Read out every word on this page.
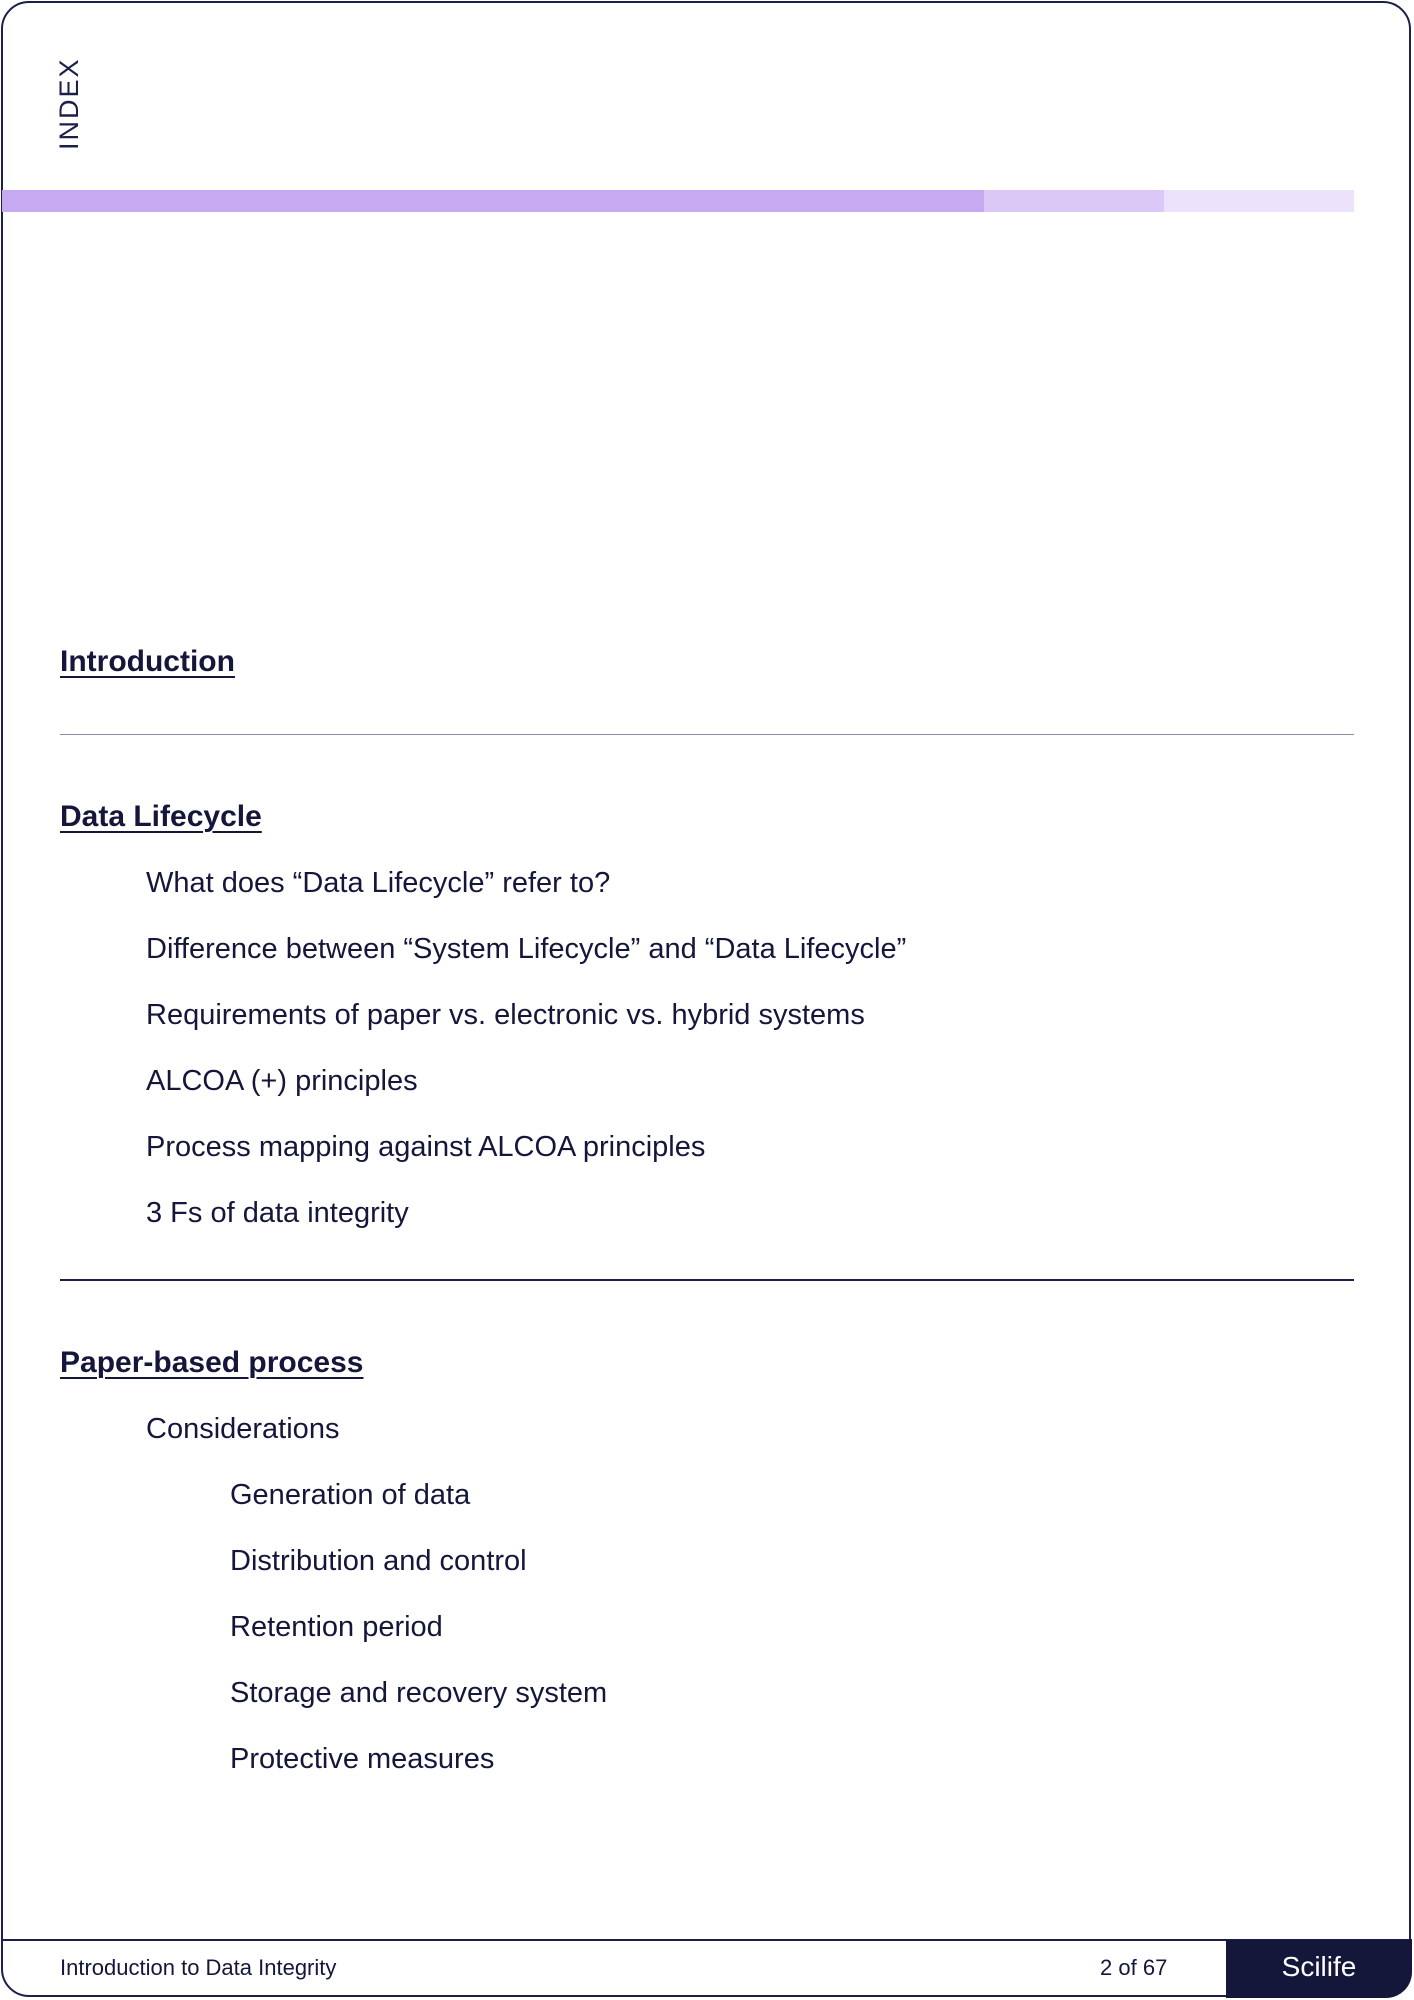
INDEX
Introduction
Data Lifecycle
What does “Data Lifecycle” refer to?
Difference between “System Lifecycle” and “Data Lifecycle”
Requirements of paper vs. electronic vs. hybrid systems
ALCOA (+) principles
Process mapping against ALCOA principles
3 Fs of data integrity
Paper-based process
Considerations
Generation of data
Distribution and control
Retention period
Storage and recovery system
Protective measures
Introduction to Data Integrity	2 of 67	Scilife
